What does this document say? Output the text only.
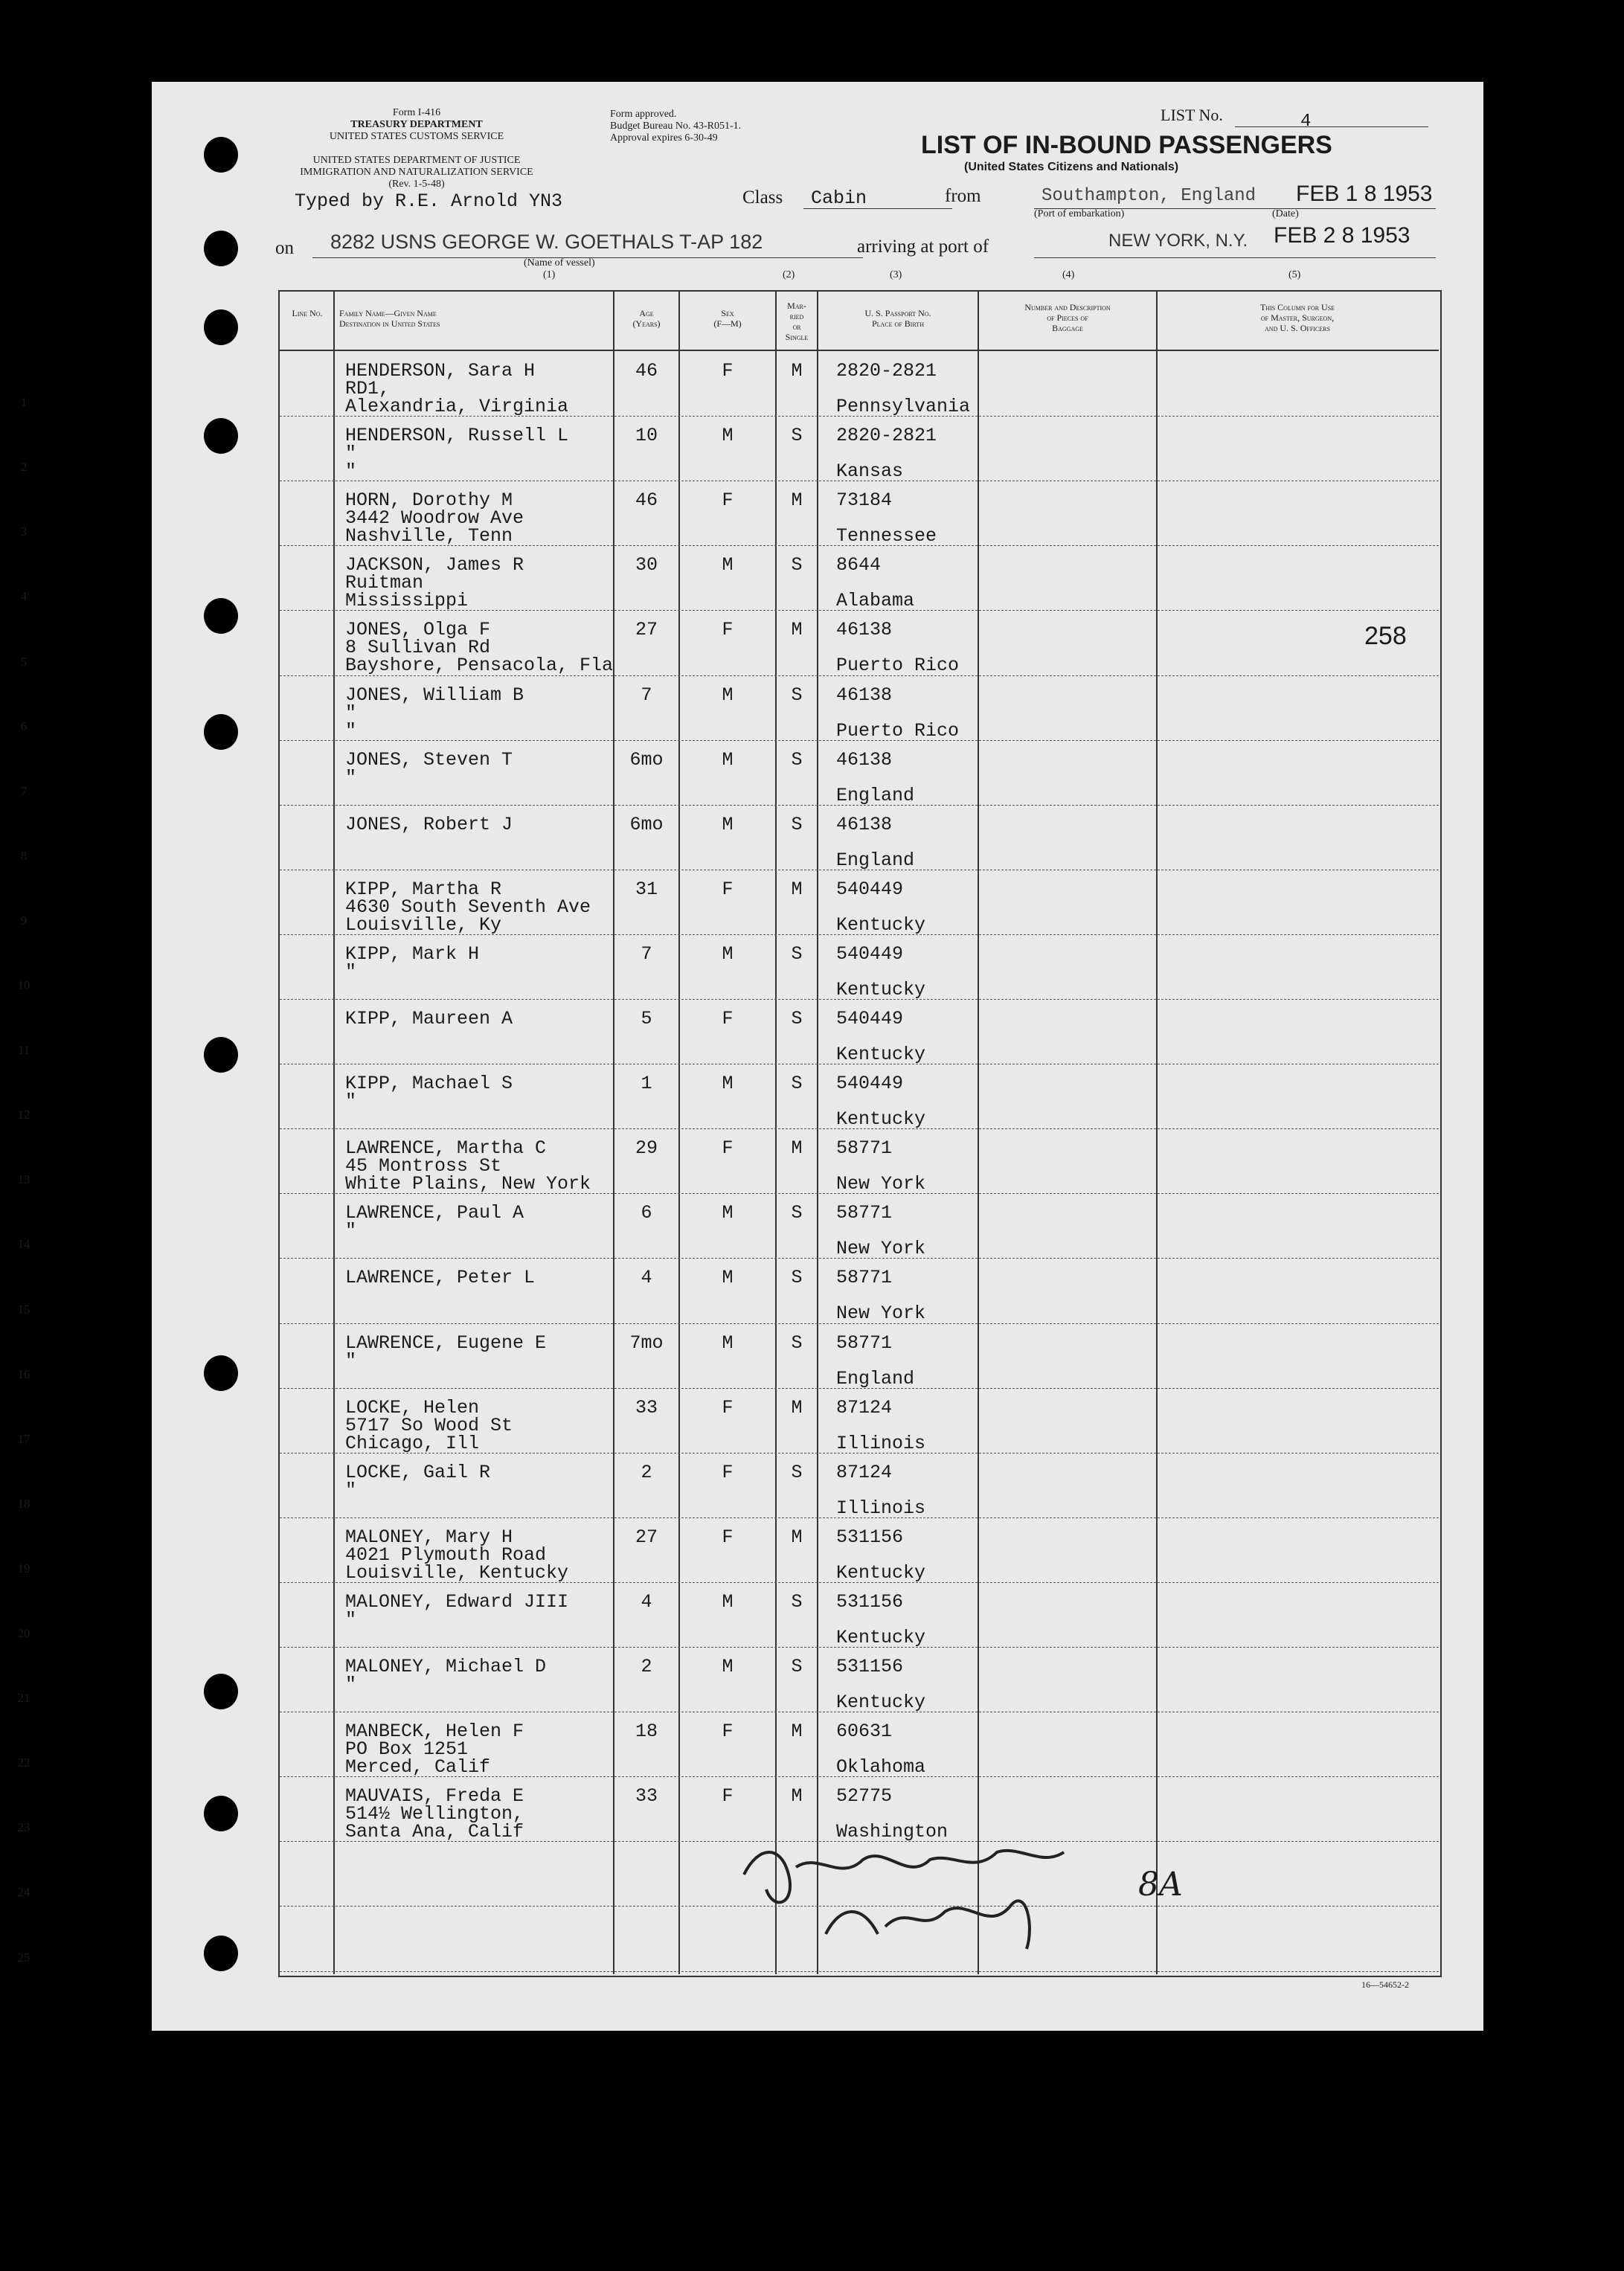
Form I-416
TREASURY DEPARTMENT
UNITED STATES CUSTOMS SERVICE
Form approved.
Budget Bureau No. 43-R051-1.
Approval expires 6-30-49
UNITED STATES DEPARTMENT OF JUSTICE
IMMIGRATION AND NATURALIZATION SERVICE
(Rev. 1-5-48)
LIST No.	4
LIST OF IN-BOUND PASSENGERS
(United States Citizens and Nationals)
Typed by R.E. Arnold YN3	Class Cabin	from	Southampton, England FEB 1 8 1953
(Port of embarkation)	(Date)
on 8282 USNS GEORGE W. GOETHALS T-AP 182
(Name of vessel)
arriving at port of	NEW YORK, N.Y. FEB 2 8 1953
(1)	(2)	(3)	(4)	(5)
Line No.	Family Name—Given Name
Destination in United States
Age
(Years)
Sex
(F—M)
Mar-
ried
or
Single
U. S. Passport No.
Place of Birth
Number and Description
of Pieces of
Baggage
This Column for Use
of Master, Surgeon,
and U. S. Officers
1
HENDERSON, Sara H
RD1,
Alexandria, Virginia
46	F	M	2820-2821
Pennsylvania
2
HENDERSON, Russell L
"
"
10	M	S	2820-2821
Kansas
3
HORN, Dorothy M
3442 Woodrow Ave
Nashville, Tenn
46	F	M	73184
Tennessee
4
JACKSON, James R
Ruitman
Mississippi
30	M	S	8644
Alabama
5
JONES, Olga F
8 Sullivan Rd
Bayshore, Pensacola, Fla
27	F	M	46138
Puerto Rico
6
JONES, William B
"
"
7	M	S	46138
Puerto Rico
7
JONES, Steven T
"
6mo	M	S	46138
England
8
JONES, Robert J	6mo	M	S	46138
England
9
KIPP, Martha R
4630 South Seventh Ave
Louisville, Ky
31	F	M	540449
Kentucky
10
KIPP, Mark H
"
7	M	S	540449
Kentucky
11
KIPP, Maureen A	5	F	S	540449
Kentucky
12
KIPP, Machael S
"
1	M	S	540449
Kentucky
13
LAWRENCE, Martha C
45 Montross St
White Plains, New York
29	F	M	58771
New York
14
LAWRENCE, Paul A
"
6	M	S	58771
New York
15
LAWRENCE, Peter L	4	M	S	58771
New York
16
LAWRENCE, Eugene E
"
7mo	M	S	58771
England
17
LOCKE, Helen
5717 So Wood St
Chicago, Ill
33	F	M	87124
Illinois
18
LOCKE, Gail R
"
2	F	S	87124
Illinois
19
MALONEY, Mary H
4021 Plymouth Road
Louisville, Kentucky
27	F	M	531156
Kentucky
20
MALONEY, Edward JIII
"
4	M	S	531156
Kentucky
21
MALONEY, Michael D
"
2	M	S	531156
Kentucky
22
MANBECK, Helen F
PO Box 1251
Merced, Calif
18	F	M	60631
Oklahoma
23
MAUVAIS, Freda E
514½ Wellington,
Santa Ana, Calif
33	F	M	52775
Washington
24
25
258
8A
16—54652-2
